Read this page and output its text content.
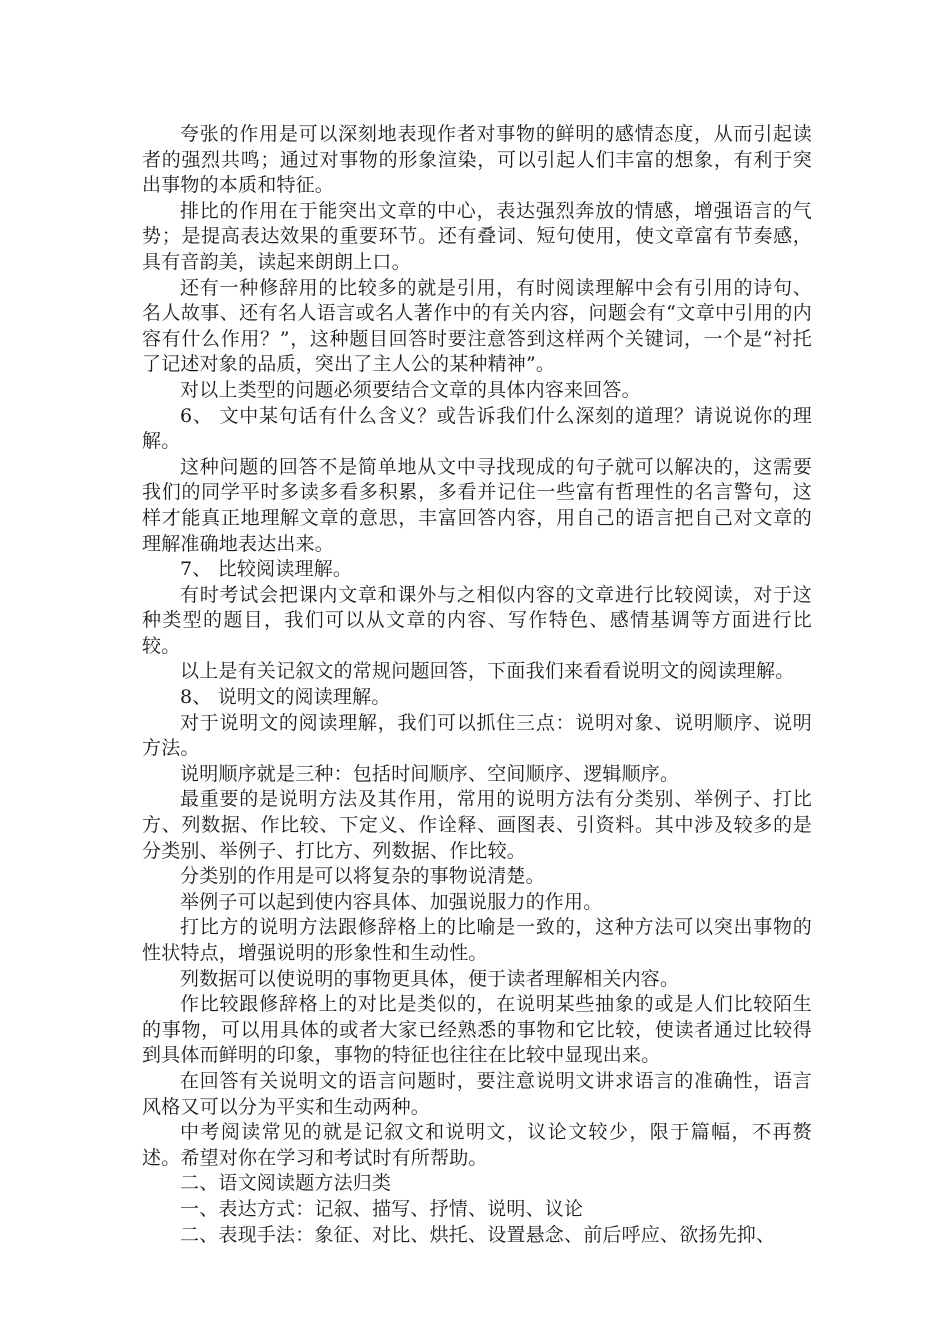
夸张的作用是可以深刻地表现作者对事物的鲜明的感情态度，从而引起读者的强烈共鸣；通过对事物的形象渲染，可以引起人们丰富的想象，有利于突出事物的本质和特征。

排比的作用在于能突出文章的中心，表达强烈奔放的情感，增强语言的气势；是提高表达效果的重要环节。还有叠词、短句使用，使文章富有节奏感，具有音韵美，读起来朗朗上口。

还有一种修辞用的比较多的就是引用，有时阅读理解中会有引用的诗句、名人故事、还有名人语言或名人著作中的有关内容，问题会有“文章中引用的内容有什么作用？”，这种题目回答时要注意答到这样两个关键词，一个是“衬托了记述对象的品质，突出了主人公的某种精神”。

对以上类型的问题必须要结合文章的具体内容来回答。

6、 文中某句话有什么含义？或告诉我们什么深刻的道理？请说说你的理解。

这种问题的回答不是简单地从文中寻找现成的句子就可以解决的，这需要我们的同学平时多读多看多积累，多看并记住一些富有哲理性的名言警句，这样才能真正地理解文章的意思，丰富回答内容，用自己的语言把自己对文章的理解准确地表达出来。

7、 比较阅读理解。

有时考试会把课内文章和课外与之相似内容的文章进行比较阅读，对于这种类型的题目，我们可以从文章的内容、写作特色、感情基调等方面进行比较。

以上是有关记叙文的常规问题回答，下面我们来看看说明文的阅读理解。

8、 说明文的阅读理解。

对于说明文的阅读理解，我们可以抓住三点：说明对象、说明顺序、说明方法。

说明顺序就是三种：包括时间顺序、空间顺序、逻辑顺序。

最重要的是说明方法及其作用，常用的说明方法有分类别、举例子、打比方、列数据、作比较、下定义、作诠释、画图表、引资料。其中涉及较多的是分类别、举例子、打比方、列数据、作比较。

分类别的作用是可以将复杂的事物说清楚。

举例子可以起到使内容具体、加强说服力的作用。

打比方的说明方法跟修辞格上的比喻是一致的，这种方法可以突出事物的性状特点，增强说明的形象性和生动性。

列数据可以使说明的事物更具体，便于读者理解相关内容。

作比较跟修辞格上的对比是类似的，在说明某些抽象的或是人们比较陌生的事物，可以用具体的或者大家已经熟悉的事物和它比较，使读者通过比较得到具体而鲜明的印象，事物的特征也往往在比较中显现出来。

在回答有关说明文的语言问题时，要注意说明文讲求语言的准确性，语言风格又可以分为平实和生动两种。

中考阅读常见的就是记叙文和说明文，议论文较少，限于篇幅，不再赘述。希望对你在学习和考试时有所帮助。

二、语文阅读题方法归类

一、表达方式：记叙、描写、抒情、说明、议论

二、表现手法：象征、对比、烘托、设置悬念、前后呼应、欲扬先抑、
